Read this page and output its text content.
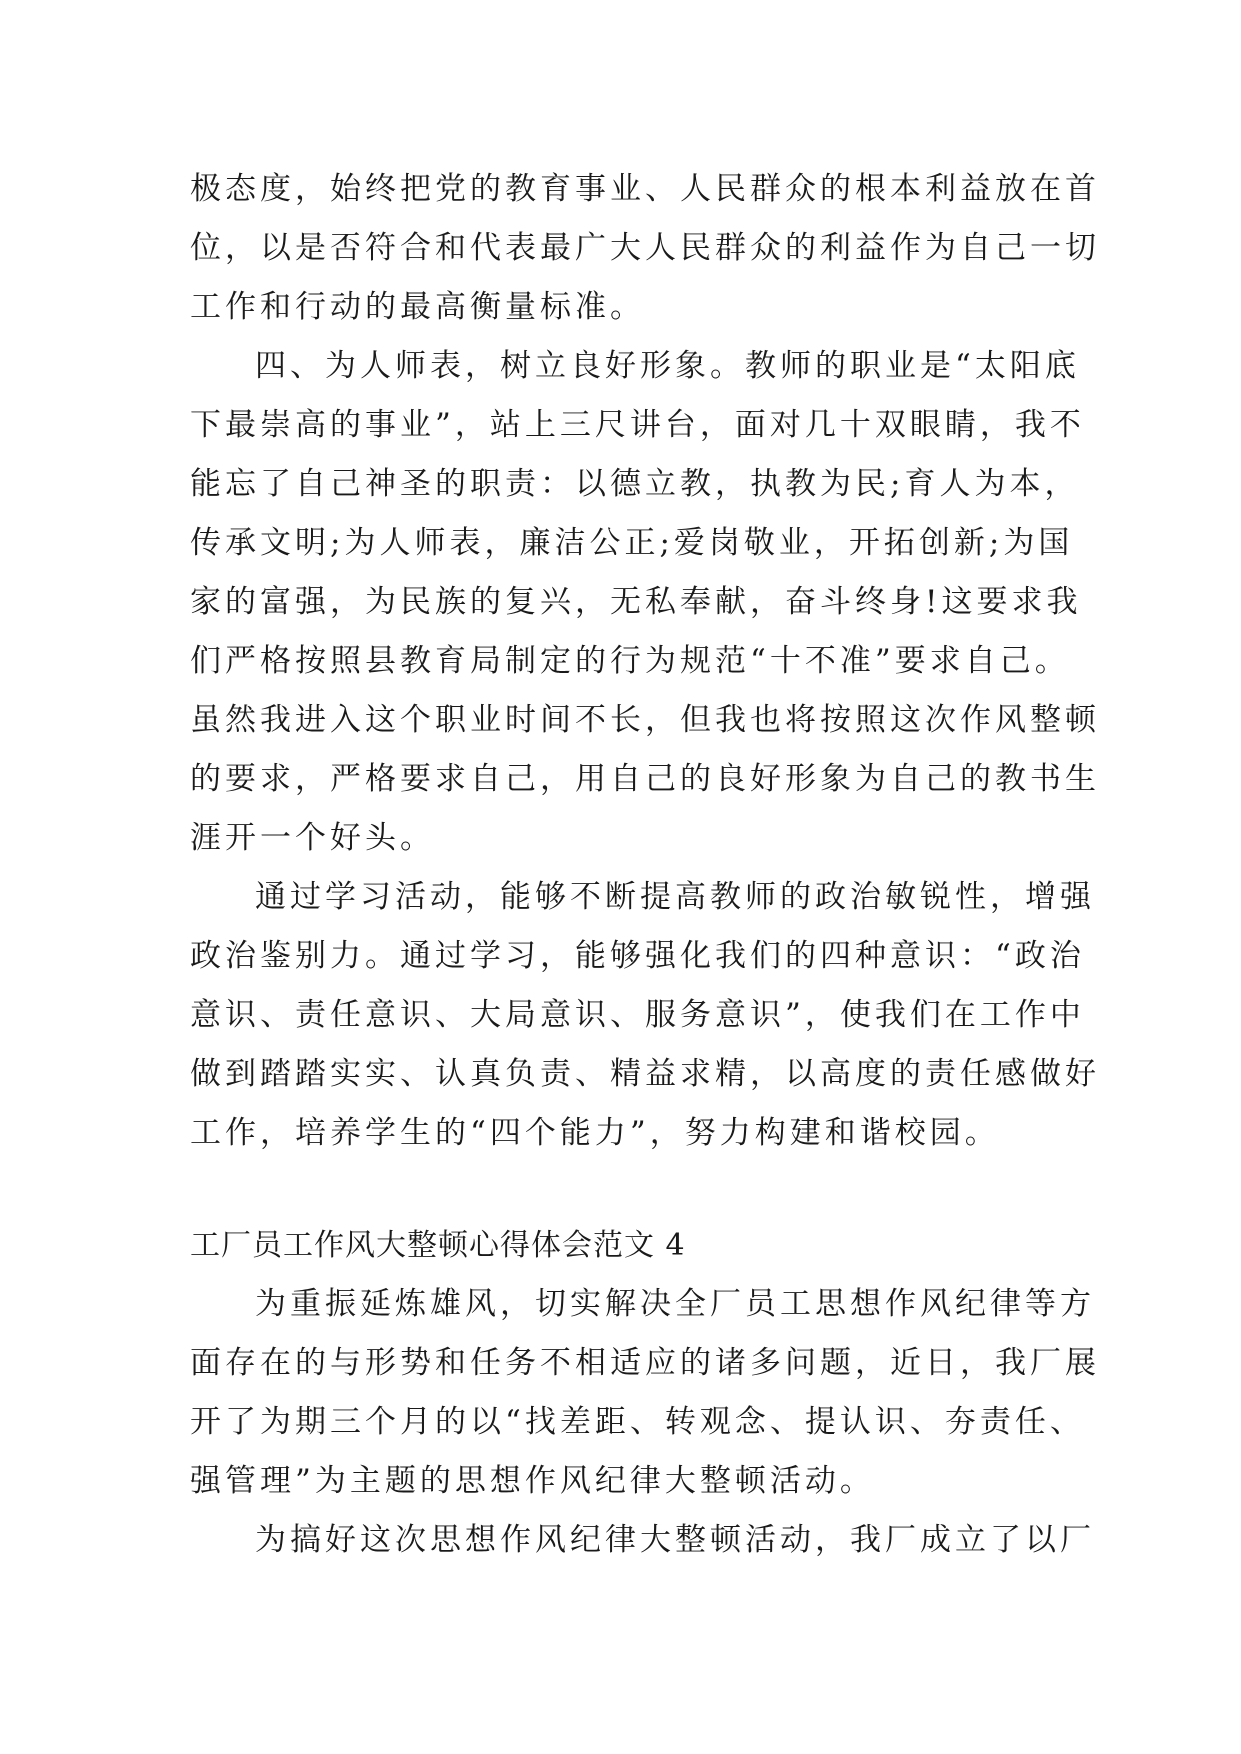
极态度，始终把党的教育事业、人民群众的根本利益放在首
位，以是否符合和代表最广大人民群众的利益作为自己一切
工作和行动的最高衡量标准。
四、为人师表，树立良好形象。教师的职业是“太阳底
下最崇高的事业”，站上三尺讲台，面对几十双眼睛，我不
能忘了自己神圣的职责：以德立教，执教为民;育人为本，
传承文明;为人师表，廉洁公正;爱岗敬业，开拓创新;为国
家的富强，为民族的复兴，无私奉献，奋斗终身!这要求我
们严格按照县教育局制定的行为规范“十不准”要求自己。
虽然我进入这个职业时间不长，但我也将按照这次作风整顿
的要求，严格要求自己，用自己的良好形象为自己的教书生
涯开一个好头。
通过学习活动，能够不断提高教师的政治敏锐性，增强
政治鉴别力。通过学习，能够强化我们的四种意识：“政治
意识、责任意识、大局意识、服务意识”，使我们在工作中
做到踏踏实实、认真负责、精益求精，以高度的责任感做好
工作，培养学生的“四个能力”，努力构建和谐校园。
工厂员工作风大整顿心得体会范文 4
为重振延炼雄风，切实解决全厂员工思想作风纪律等方
面存在的与形势和任务不相适应的诸多问题，近日，我厂展
开了为期三个月的以“找差距、转观念、提认识、夯责任、
强管理”为主题的思想作风纪律大整顿活动。
为搞好这次思想作风纪律大整顿活动，我厂成立了以厂
